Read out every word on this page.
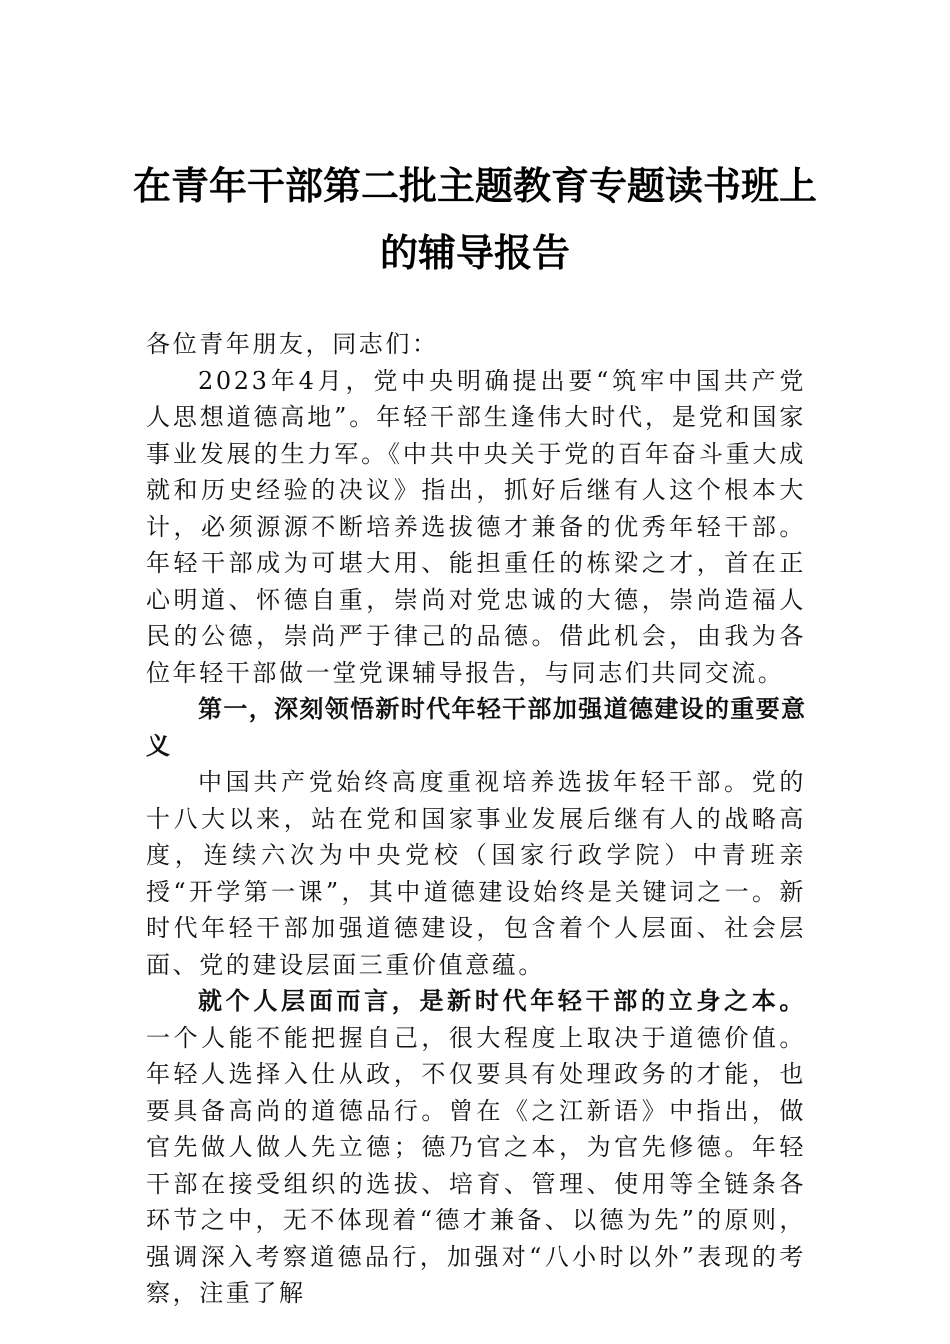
在青年干部第二批主题教育专题读书班上
的辅导报告

各位青年朋友，同志们：

2023年4月，党中央明确提出要“筑牢中国共产党人思想道德高地”。年轻干部生逢伟大时代，是党和国家事业发展的生力军。《中共中央关于党的百年奋斗重大成就和历史经验的决议》指出，抓好后继有人这个根本大计，必须源源不断培养选拔德才兼备的优秀年轻干部。年轻干部成为可堪大用、能担重任的栋梁之才，首在正心明道、怀德自重，崇尚对党忠诚的大德，崇尚造福人民的公德，崇尚严于律己的品德。借此机会，由我为各位年轻干部做一堂党课辅导报告，与同志们共同交流。

第一，深刻领悟新时代年轻干部加强道德建设的重要意义

中国共产党始终高度重视培养选拔年轻干部。党的十八大以来，站在党和国家事业发展后继有人的战略高度，连续六次为中央党校（国家行政学院）中青班亲授“开学第一课”，其中道德建设始终是关键词之一。新时代年轻干部加强道德建设，包含着个人层面、社会层面、党的建设层面三重价值意蕴。

就个人层面而言，是新时代年轻干部的立身之本。一个人能不能把握自己，很大程度上取决于道德价值。年轻人选择入仕从政，不仅要具有处理政务的才能，也要具备高尚的道德品行。曾在《之江新语》中指出，做官先做人做人先立德；德乃官之本，为官先修德。年轻干部在接受组织的选拔、培育、管理、使用等全链条各环节之中，无不体现着“德才兼备、以德为先”的原则，强调深入考察道德品行，加强对“八小时以外”表现的考察，注重了解
